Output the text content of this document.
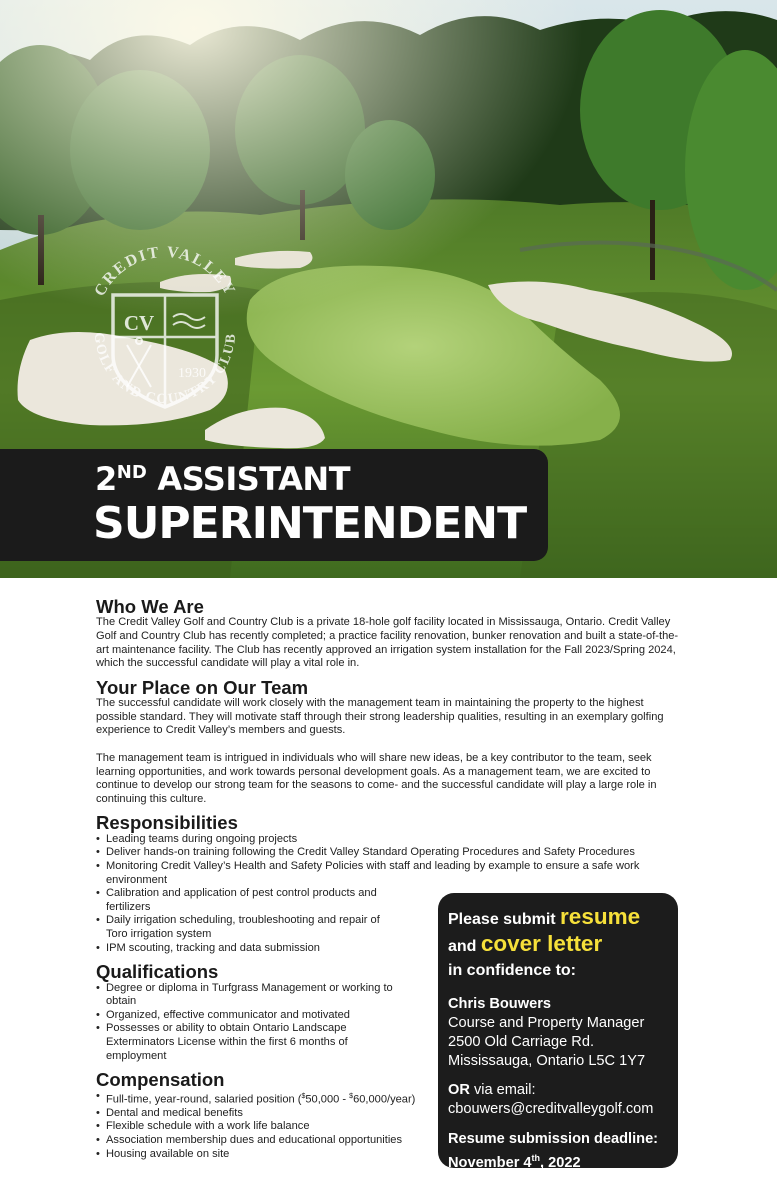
CREDIT VALLEY
GOLF AND COUNTRY CLUB
CV
1930
2ND ASSISTANT
SUPERINTENDENT
Who We Are

The Credit Valley Golf and Country Club is a private 18-hole golf facility located in Mississauga, Ontario. Credit Valley Golf and Country Club has recently completed; a practice facility renovation, bunker renovation and built a state-of-the-art maintenance facility. The Club has recently approved an irrigation system installation for the Fall 2023/Spring 2024, which the successful candidate will play a vital role in.

Your Place on Our Team

The successful candidate will work closely with the management team in maintaining the property to the highest possible standard. They will motivate staff through their strong leadership qualities, resulting in an exemplary golfing experience to Credit Valley’s members and guests.

The management team is intrigued in individuals who will share new ideas, be a key contributor to the team, seek learning opportunities, and work towards personal development goals. As a management team, we are excited to continue to develop our strong team for the seasons to come- and the successful candidate will play a large role in continuing this culture.

Responsibilities
• Leading teams during ongoing projects
• Deliver hands-on training following the Credit Valley Standard Operating Procedures and Safety Procedures
• Monitoring Credit Valley’s Health and Safety Policies with staff and leading by example to ensure a safe work environment
• Calibration and application of pest control products and fertilizers
• Daily irrigation scheduling, troubleshooting and repair of Toro irrigation system
• IPM scouting, tracking and data submission
Qualifications
• Degree or diploma in Turfgrass Management or working to obtain
• Organized, effective communicator and motivated
• Possesses or ability to obtain Ontario Landscape Exterminators License within the first 6 months of employment
Compensation
• Full-time, year-round, salaried position ($50,000 - $60,000/year)
• Dental and medical benefits
• Flexible schedule with a work life balance
• Association membership dues and educational opportunities
• Housing available on site
Please submit resume
and cover letter
in confidence to:
Chris Bouwers
Course and Property Manager
2500 Old Carriage Rd.
Mississauga, Ontario L5C 1Y7
OR via email:
cbouwers@creditvalleygolf.com
Resume submission deadline:
November 4th, 2022
